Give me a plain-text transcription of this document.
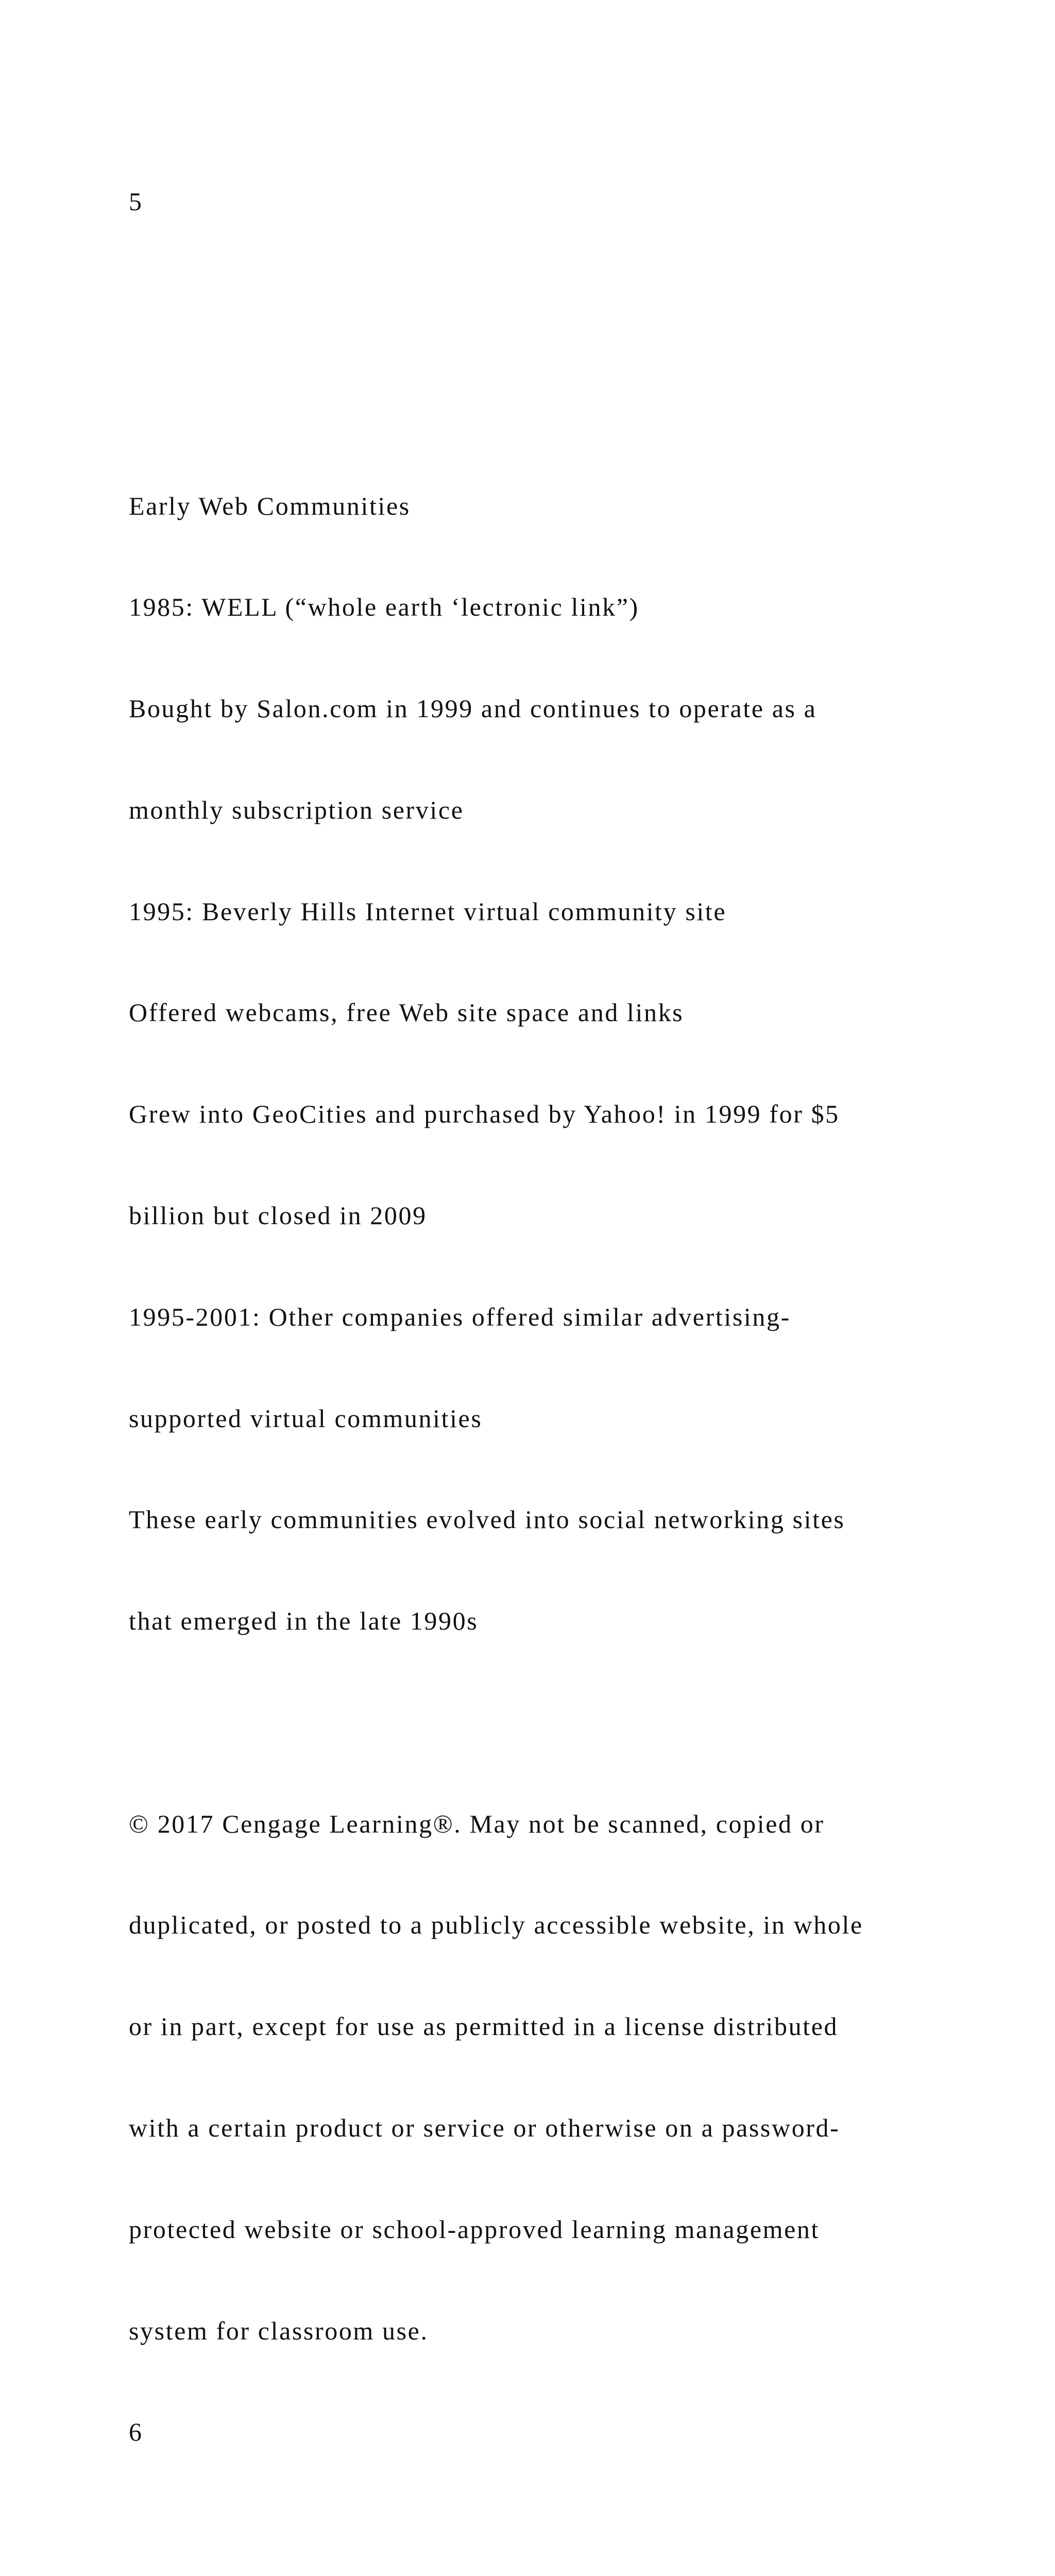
5

Early Web Communities

1985: WELL (“whole earth ‘lectronic link”)

Bought by Salon.com in 1999 and continues to operate as a

monthly subscription service

1995: Beverly Hills Internet virtual community site

Offered webcams, free Web site space and links

Grew into GeoCities and purchased by Yahoo! in 1999 for $5

billion but closed in 2009

1995-2001: Other companies offered similar advertising-

supported virtual communities

These early communities evolved into social networking sites

that emerged in the late 1990s

© 2017 Cengage Learning®. May not be scanned, copied or

duplicated, or posted to a publicly accessible website, in whole

or in part, except for use as permitted in a license distributed

with a certain product or service or otherwise on a password-

protected website or school-approved learning management

system for classroom use.

6
